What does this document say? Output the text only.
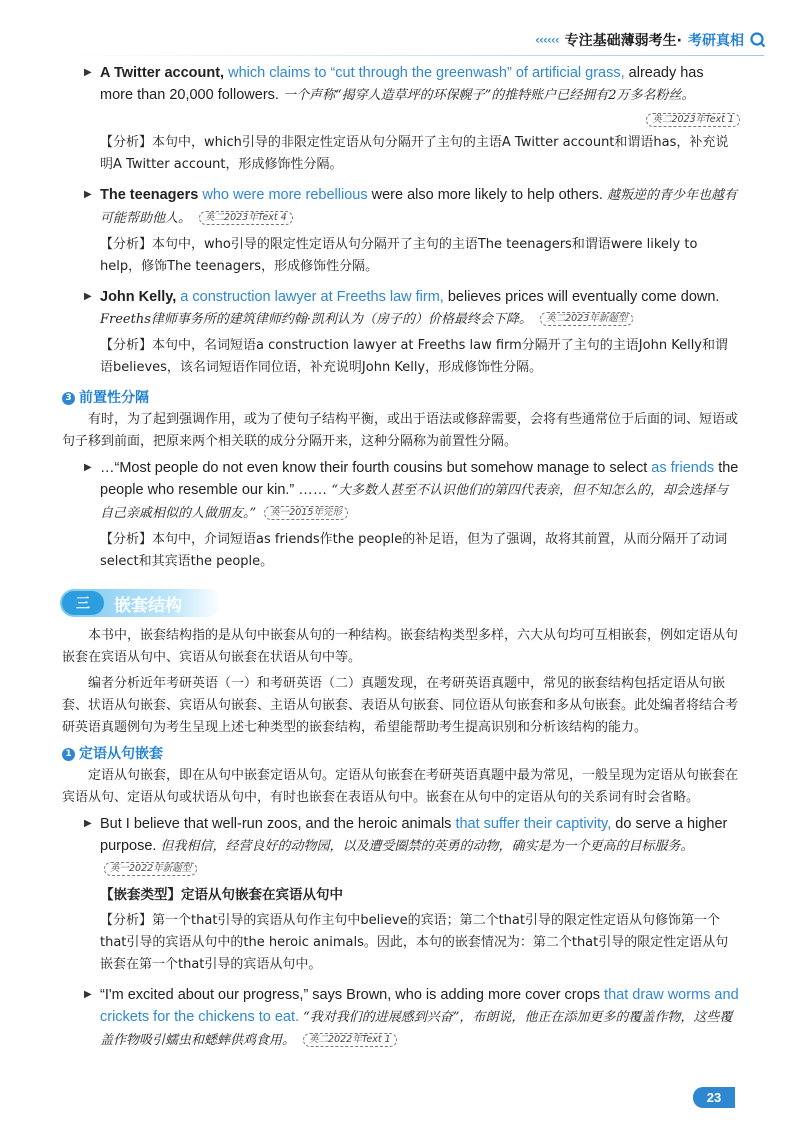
‹‹‹‹‹‹ 专注基础薄弱考生· 考研真相
▶ A Twitter account, which claims to “cut through the greenwash” of artificial grass, already has more than 20,000 followers. 一个声称“揭穿人造草坪的环保幌子”的推特账户已经拥有2万多名粉丝。
英二2023年Text 1
【分析】本句中，which引导的非限定性定语从句分隔开了主句的主语A Twitter account和谓语has，补充说明A Twitter account，形成修饰性分隔。
▶ The teenagers who were more rebellious were also more likely to help others. 越叛逆的青少年也越有可能帮助他人。 英二2023年Text 4
【分析】本句中，who引导的限定性定语从句分隔开了主句的主语The teenagers和谓语were likely to help，修饰The teenagers，形成修饰性分隔。
▶ John Kelly, a construction lawyer at Freeths law firm, believes prices will eventually come down. Freeths律师事务所的建筑律师约翰·凯利认为（房子的）价格最终会下降。 英二2023年新题型
【分析】本句中，名词短语a construction lawyer at Freeths law firm分隔开了主句的主语John Kelly和谓语believes，该名词短语作同位语，补充说明John Kelly，形成修饰性分隔。
3 前置性分隔
有时，为了起到强调作用，或为了使句子结构平衡，或出于语法或修辞需要，会将有些通常位于后面的词、短语或句子移到前面，把原来两个相关联的成分分隔开来，这种分隔称为前置性分隔。
▶ …“Most people do not even know their fourth cousins but somehow manage to select as friends the people who resemble our kin.” …… “大多数人甚至不认识他们的第四代表亲，但不知怎么的，却会选择与自己亲戚相似的人做朋友。” 英一2015年完形
【分析】本句中，介词短语as friends作the people的补足语，但为了强调，故将其前置，从而分隔开了动词select和其宾语the people。
三	嵌套结构
本书中，嵌套结构指的是从句中嵌套从句的一种结构。嵌套结构类型多样，六大从句均可互相嵌套，例如定语从句嵌套在宾语从句中、宾语从句嵌套在状语从句中等。
编者分析近年考研英语（一）和考研英语（二）真题发现，在考研英语真题中，常见的嵌套结构包括定语从句嵌套、状语从句嵌套、宾语从句嵌套、主语从句嵌套、表语从句嵌套、同位语从句嵌套和多从句嵌套。此处编者将结合考研英语真题例句为考生呈现上述七种类型的嵌套结构，希望能帮助考生提高识别和分析该结构的能力。
1 定语从句嵌套
定语从句嵌套，即在从句中嵌套定语从句。定语从句嵌套在考研英语真题中最为常见，一般呈现为定语从句嵌套在宾语从句、定语从句或状语从句中，有时也嵌套在表语从句中。嵌套在从句中的定语从句的关系词有时会省略。
▶ But I believe that well-run zoos, and the heroic animals that suffer their captivity, do serve a higher purpose. 但我相信，经营良好的动物园，以及遭受圈禁的英勇的动物，确实是为一个更高的目标服务。 英一2022年新题型
【嵌套类型】定语从句嵌套在宾语从句中
【分析】第一个that引导的宾语从句作主句中believe的宾语；第二个that引导的限定性定语从句修饰第一个that引导的宾语从句中的the heroic animals。因此，本句的嵌套情况为：第二个that引导的限定性定语从句嵌套在第一个that引导的宾语从句中。
▶ “I'm excited about our progress,” says Brown, who is adding more cover crops that draw worms and crickets for the chickens to eat. “我对我们的进展感到兴奋”，布朗说，他正在添加更多的覆盖作物，这些覆盖作物吸引蠕虫和蟋蟀供鸡食用。 英二2022年Text 1
23
